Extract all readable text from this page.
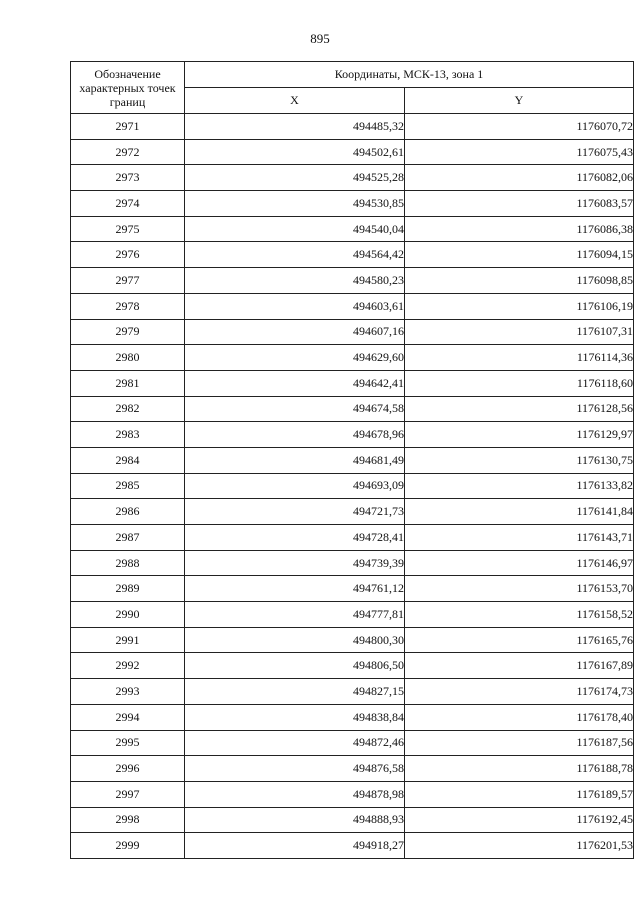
895
Обозначение характерных точек границ	Координаты, МСК-13, зона 1	
	X	Y
2971	494485,32	1176070,72
2972	494502,61	1176075,43
2973	494525,28	1176082,06
2974	494530,85	1176083,57
2975	494540,04	1176086,38
2976	494564,42	1176094,15
2977	494580,23	1176098,85
2978	494603,61	1176106,19
2979	494607,16	1176107,31
2980	494629,60	1176114,36
2981	494642,41	1176118,60
2982	494674,58	1176128,56
2983	494678,96	1176129,97
2984	494681,49	1176130,75
2985	494693,09	1176133,82
2986	494721,73	1176141,84
2987	494728,41	1176143,71
2988	494739,39	1176146,97
2989	494761,12	1176153,70
2990	494777,81	1176158,52
2991	494800,30	1176165,76
2992	494806,50	1176167,89
2993	494827,15	1176174,73
2994	494838,84	1176178,40
2995	494872,46	1176187,56
2996	494876,58	1176188,78
2997	494878,98	1176189,57
2998	494888,93	1176192,45
2999	494918,27	1176201,53
